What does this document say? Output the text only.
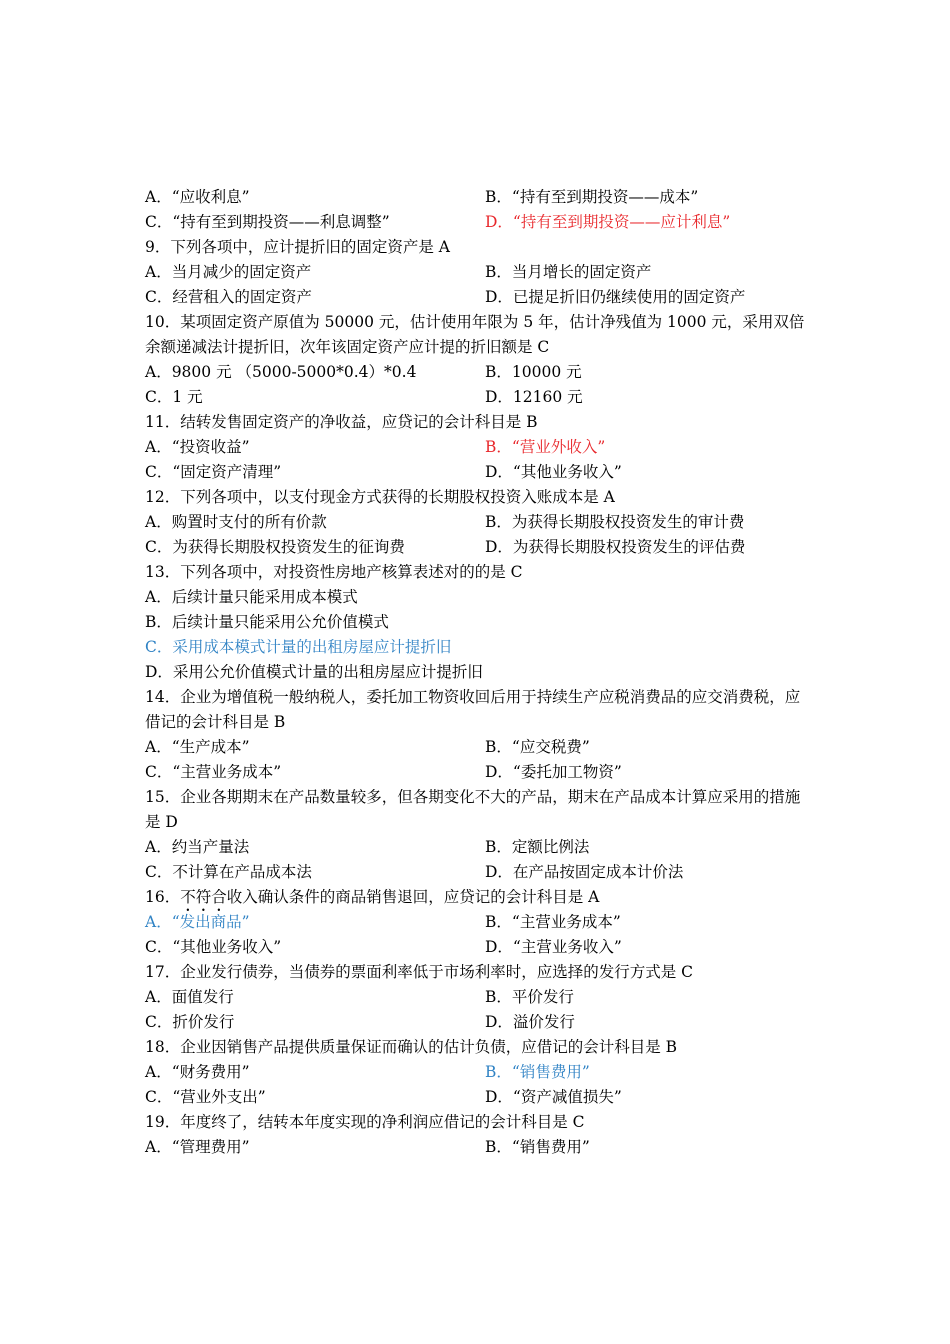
A．“应收利息”	B．“持有至到期投资——成本”
C．“持有至到期投资——利息调整”	D．“持有至到期投资——应计利息”
9．下列各项中，应计提折旧的固定资产是 A
A．当月减少的固定资产	B．当月增长的固定资产
C．经营租入的固定资产	D．已提足折旧仍继续使用的固定资产
10．某项固定资产原值为 50000 元，估计使用年限为 5 年，估计净残值为 1000 元，采用双倍余额递减法计提折旧，次年该固定资产应计提的折旧额是 C
A．9800 元 （5000-5000*0.4）*0.4	B．10000 元
C．1 元	D．12160 元
11．结转发售固定资产的净收益，应贷记的会计科目是 B
A．“投资收益”	B．“营业外收入”
C．“固定资产清理”	D．“其他业务收入”
12．下列各项中，以支付现金方式获得的长期股权投资入账成本是 A
A．购置时支付的所有价款	B．为获得长期股权投资发生的审计费
C．为获得长期股权投资发生的征询费	D．为获得长期股权投资发生的评估费
13．下列各项中，对投资性房地产核算表述对的的是 C
A．后续计量只能采用成本模式
B．后续计量只能采用公允价值模式
C．采用成本模式计量的出租房屋应计提折旧
D．采用公允价值模式计量的出租房屋应计提折旧
14．企业为增值税一般纳税人，委托加工物资收回后用于持续生产应税消费品的应交消费税，应借记的会计科目是 B
A．“生产成本”	B．“应交税费”
C．“主营业务成本”	D．“委托加工物资”
15．企业各期期末在产品数量较多，但各期变化不大的产品，期末在产品成本计算应采用的措施是 D
A．约当产量法	B．定额比例法
C．不计算在产品成本法	D．在产品按固定成本计价法
16．不符合收入确认条件的商品销售退回，应贷记的会计科目是 A
A．“发出商品”	B．“主营业务成本”
C．“其他业务收入”	D．“主营业务收入”
17．企业发行债券，当债券的票面利率低于市场利率时，应选择的发行方式是 C
A．面值发行	B．平价发行
C．折价发行	D．溢价发行
18．企业因销售产品提供质量保证而确认的估计负债，应借记的会计科目是 B
A．“财务费用”	B．“销售费用”
C．“营业外支出”	D．“资产减值损失”
19．年度终了，结转本年度实现的净利润应借记的会计科目是 C
A．“管理费用”	B．“销售费用”
